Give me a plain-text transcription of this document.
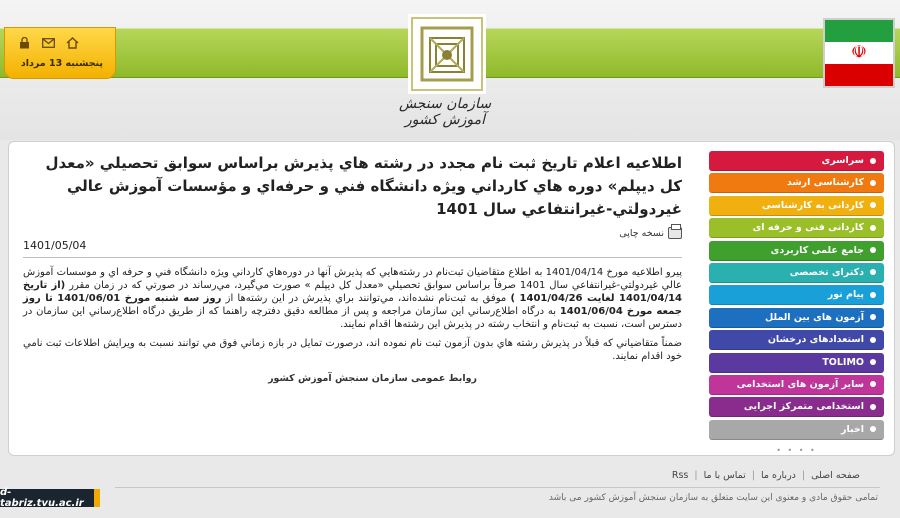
پنجشنبه 13 مرداد
سازمان سنجش آموزش کشور
☫
اطلاعيه اعلام تاريخ ثبت نام مجدد در رشته هاي پذيرش براساس سوابق تحصيلي «معدل كل ديپلم» دوره هاي كارداني ويژه دانشگاه فني و حرفه‌اي و مؤسسات آموزش عالي غيردولتي-غيرانتفاعي سال 1401
نسخه چاپی
1401/05/04

پيرو اطلاعيه مورخ 1401/04/14 به اطلاع متقاضيان ثبت‌نام در رشته‌هايي كه پذيرش آنها در دوره‌هاي كارداني ويژه دانشگاه فني و حرفه اي و موسسات آموزش عالي غيردولتي-غيرانتفاعي سال 1401 صرفاً براساس سوابق تحصيلي «معدل كل ديپلم » صورت مي‌گيرد، مي‌رساند در صورتي كه در زمان مقرر (از تاريخ 1401/04/14 لغايت 1401/04/26 ) موفق به ثبت‌نام نشده‌اند، مي‌توانند براي پذيرش در اين رشته‌ها از روز سه شنبه مورخ 1401/06/01 تا روز جمعه مورخ 1401/06/04 به درگاه اطلاع‌رساني اين سازمان مراجعه و پس از مطالعه دقيق دفترچه راهنما كه از طريق درگاه اطلاع‌رساني اين سازمان در دسترس است، نسبت به ثبت‌نام و انتخاب رشته در پذيرش اين رشته‌ها اقدام نمايند.

ضمناً متقاضياني كه قبلاً در پذيرش رشته هاي بدون آزمون ثبت نام نموده اند، درصورت تمايل در بازه زماني فوق مي توانند نسبت به ويرايش اطلاعات ثبت نامي خود اقدام نمايند.

روابط عمومی سازمان سنجش آموزش کشور
سراسری
کارشناسی ارشد
کاردانی به کارشناسی
کاردانی فنی و حرفه ای
جامع علمی کاربردی
دکترای تخصصی
پیام نور
آزمون های بین الملل
استعدادهای درخشان
TOLIMO
سایر آزمون های استخدامی
استخدامی متمرکز اجرایی
اخبار
• • • •
صفحه اصلی
|
درباره ما
|
تماس با ما
|
Rss
تمامی حقوق مادی و معنوی این سایت متعلق به سازمان سنجش آموزش کشور می باشد
d-tabriz.tvu.ac.ir
